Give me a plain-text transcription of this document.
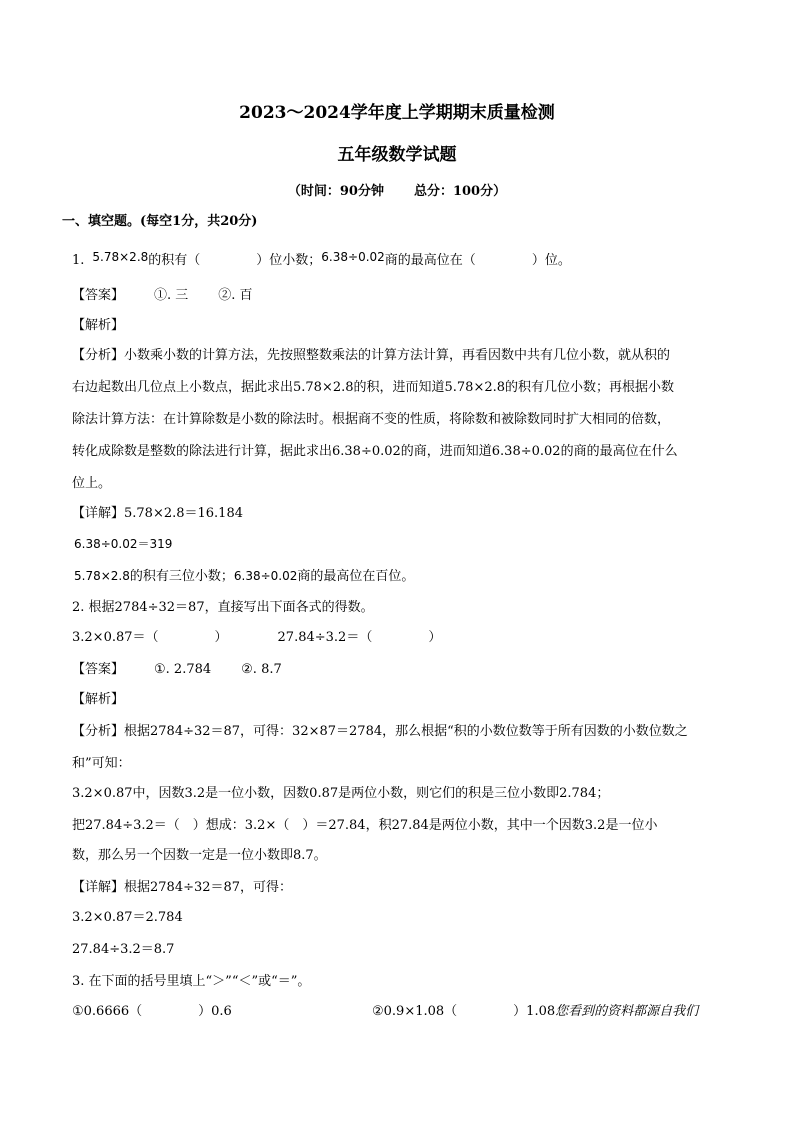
2023～2024学年度上学期期末质量检测
五年级数学试题
（时间：90分钟 总分：100分）
一、填空题。(每空1分，共20分)
1. 5.78×2.8的积有（	）位小数；6.38÷0.02商的最高位在（	）位。
【答案】 ①. 三 ②. 百
【解析】
【分析】小数乘小数的计算方法，先按照整数乘法的计算方法计算，再看因数中共有几位小数，就从积的
右边起数出几位点上小数点，据此求出5.78×2.8的积，进而知道5.78×2.8的积有几位小数；再根据小数
除法计算方法：在计算除数是小数的除法时。根据商不变的性质，将除数和被除数同时扩大相同的倍数，
转化成除数是整数的除法进行计算，据此求出6.38÷0.02的商，进而知道6.38÷0.02的商的最高位在什么
位上。
【详解】5.78×2.8＝16.184
6.38÷0.02＝319
5.78×2.8的积有三位小数；6.38÷0.02商的最高位在百位。
2. 根据2784÷32＝87，直接写出下面各式的得数。
3.2×0.87＝（	）	27.84÷3.2＝（	）
【答案】 ①. 2.784 ②. 8.7
【解析】
【分析】根据2784÷32＝87，可得：32×87＝2784，那么根据“积的小数位数等于所有因数的小数位数之
和”可知：
3.2×0.87中，因数3.2是一位小数，因数0.87是两位小数，则它们的积是三位小数即2.784；
把27.84÷3.2＝（　）想成：3.2×（　）＝27.84，积27.84是两位小数，其中一个因数3.2是一位小
数，那么另一个因数一定是一位小数即8.7。
【详解】根据2784÷32＝87，可得：
3.2×0.87＝2.784
27.84÷3.2＝8.7
3. 在下面的括号里填上“＞”“＜”或“＝”。
①0.6666（	）0.6	②0.9×1.08（	）1.08您看到的资料都源自我们
